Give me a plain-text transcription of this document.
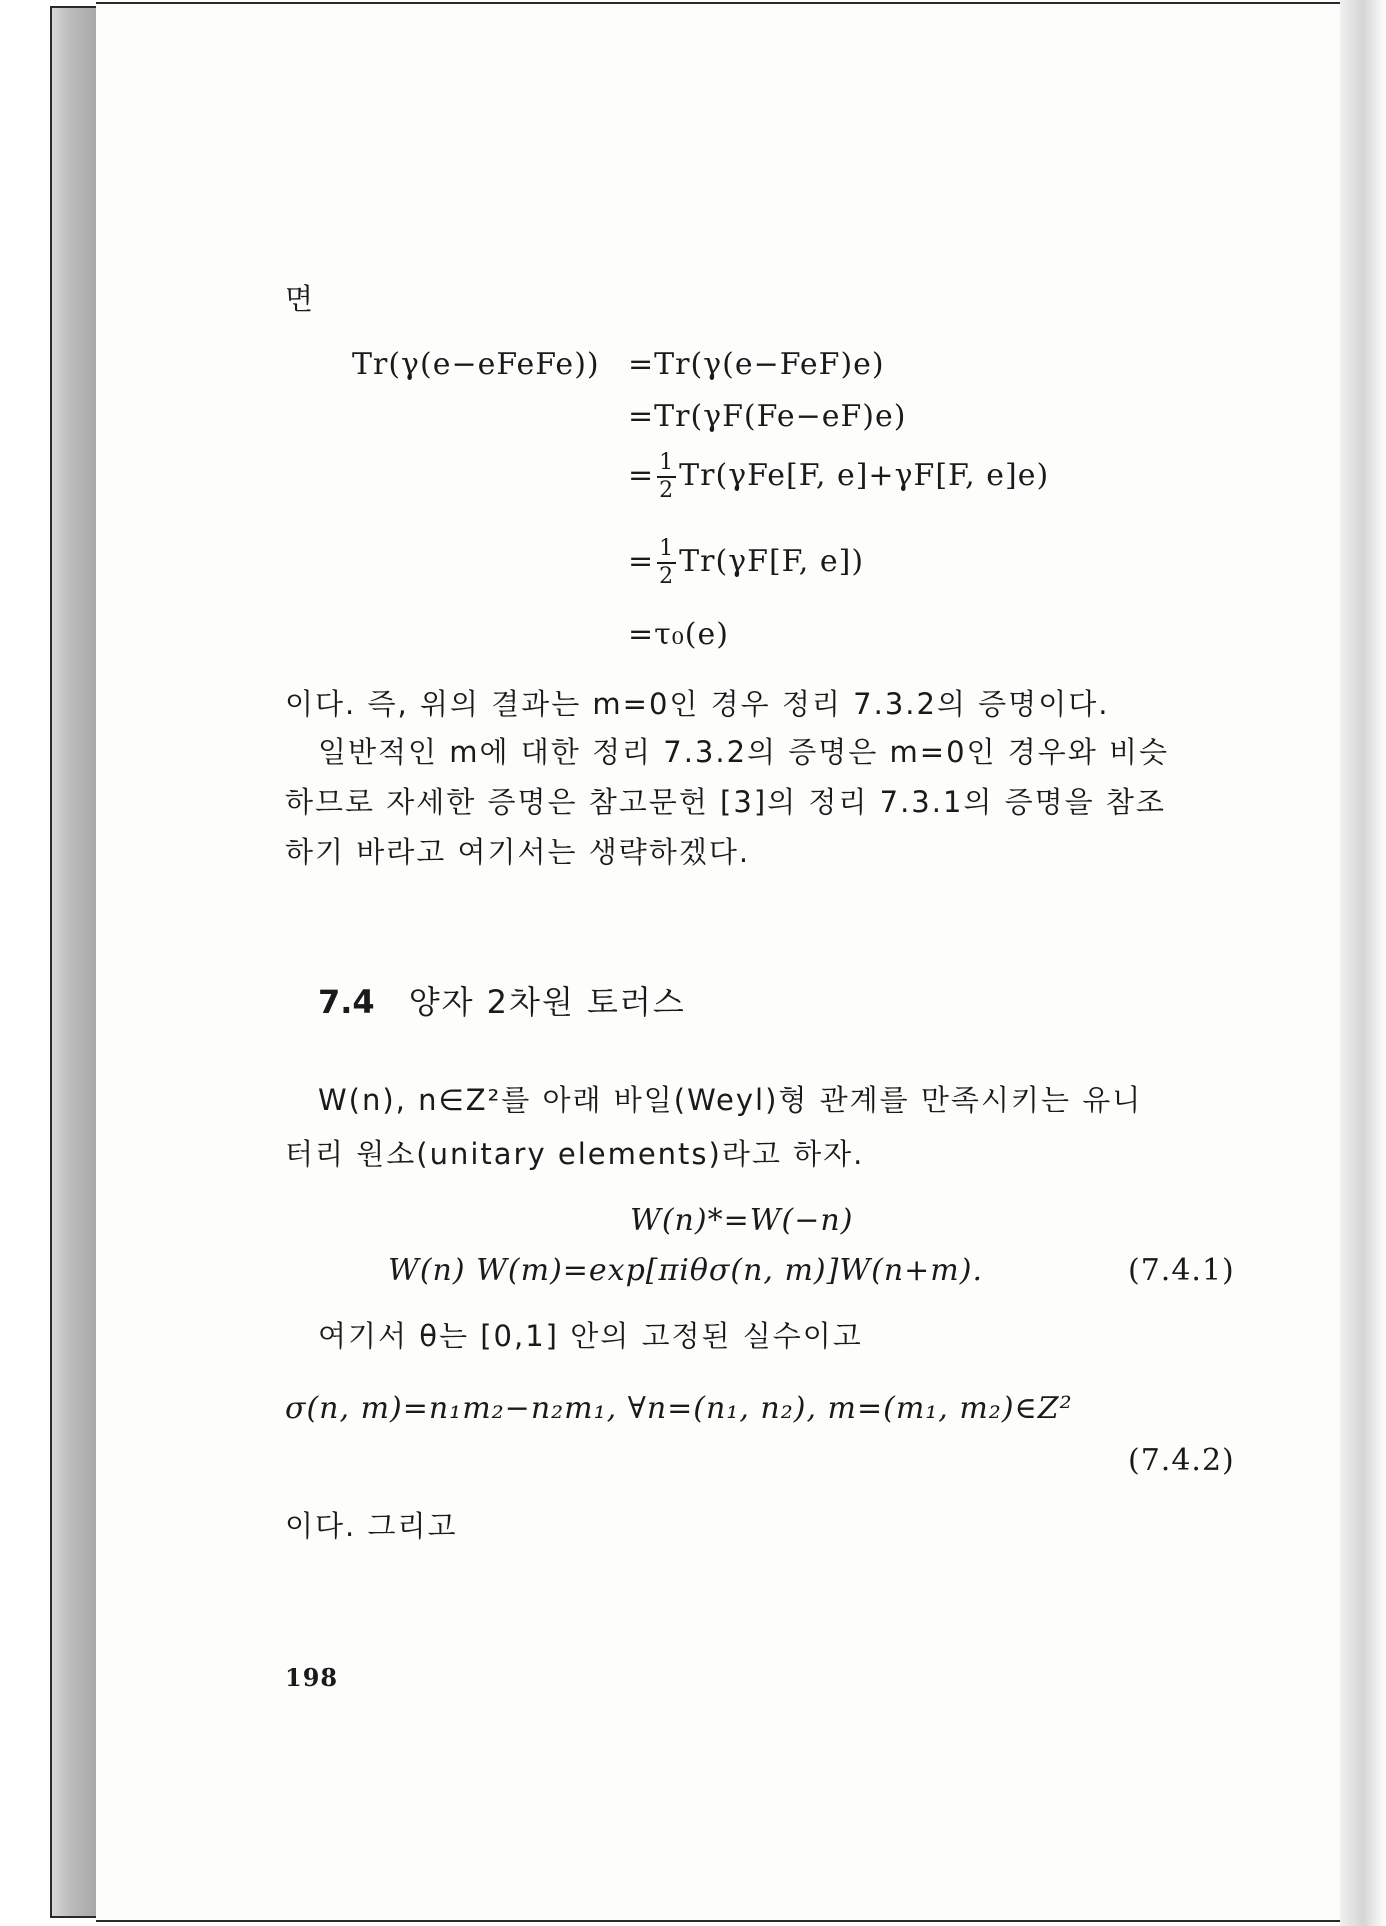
면
Tr(γ(e−eFeFe)) =Tr(γ(e−FeF)e)
=Tr(γF(Fe−eF)e)
= $\frac{1}{2} Tr(\gamma Fe[F$, e]+γF[F, e]e)
= $\frac{1}{2} Tr(\gamma F[F$, e])
=τ₀(e)
이다. 즉, 위의 결과는 m=0인 경우 정리 7.3.2의 증명이다.
일반적인 m에 대한 정리 7.3.2의 증명은 m=0인 경우와 비슷
하므로 자세한 증명은 참고문헌 [3]의 정리 7.3.1의 증명을 참조
하기 바라고 여기서는 생략하겠다.
7.4 양자 2차원 토러스
W(n), n∈Z²를 아래 바일(Weyl)형 관계를 만족시키는 유니
터리 원소(unitary elements)라고 하자.
W(n)*=W(−n)
W(n) W(m)=exp[πiθσ(n, m)]W(n+m).	(7.4.1)
여기서 θ는 [0,1] 안의 고정된 실수이고
σ(n, m)=n₁m₂−n₂m₁, ∀n=(n₁, n₂), m=(m₁, m₂)∈Z²
(7.4.2)
이다. 그리고
198
